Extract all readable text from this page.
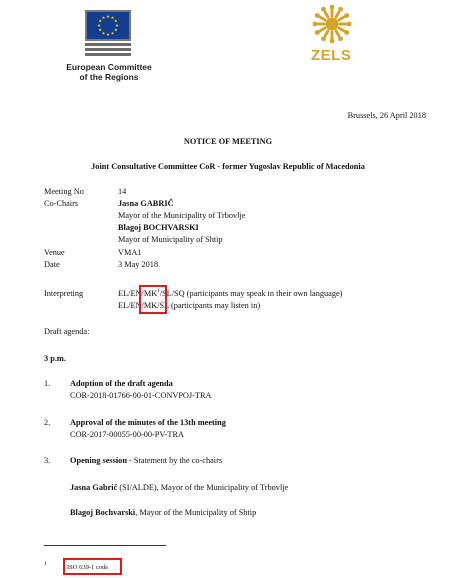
European Committee
of the Regions
ZELS
Brussels, 26 April 2018
NOTICE OF MEETING
Joint Consultative Committee CoR - former Yugoslav Republic of Macedonia
Meeting No	14
Co-Chairs	Jasna GABRIČ
Mayor of the Municipality of Trbovlje
Blagoj BOCHVARSKI
Mayor of Municipality of Shtip
Venue	VMA1
Date	3 May 2018
Interpreting	$EL/EN/MK^1/SL/SQ$ (participants may speak in their own language)
EL/EN/MK/SL (participants may listen in)
Draft agenda:
3 p.m.
1. Adoption of the draft agenda
COR-2018-01766-00-01-CONVPOJ-TRA
2. Approval of the minutes of the 13th meeting
COR-2017-00055-00-00-PV-TRA
3. Opening session - Statement by the co-chairs
Jasna Gabrič (SI/ALDE), Mayor of the Municipality of Trbovlje
Blagoj Bochvarski, Mayor of the Municipality of Shtip
1	ISO 639-1 code
